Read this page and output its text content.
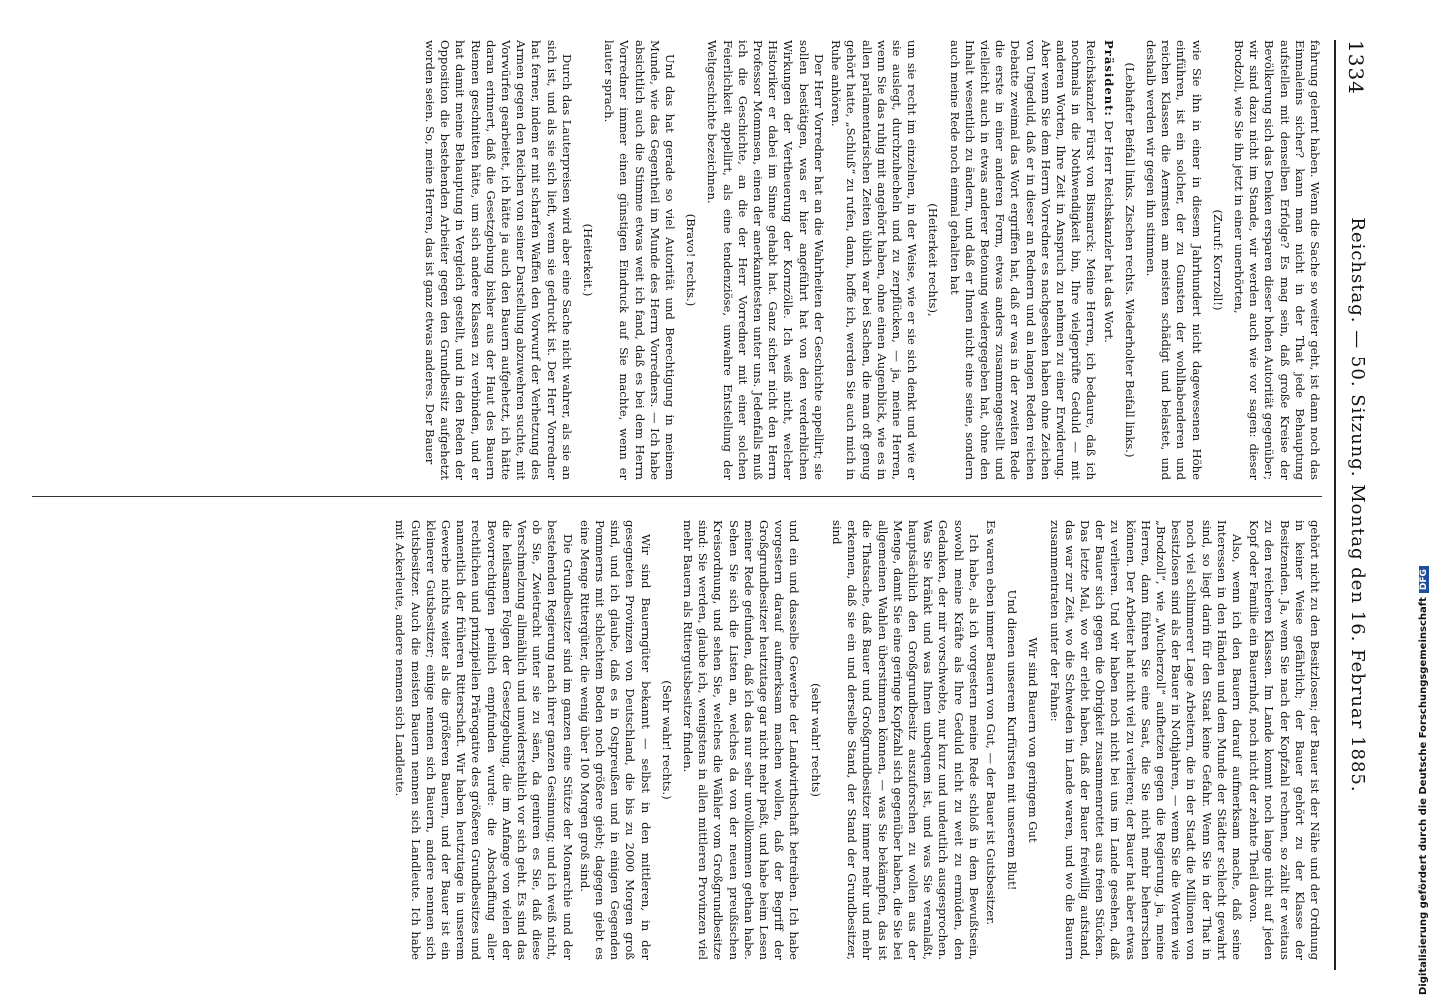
1334
Reichstag. — 50. Sitzung. Montag den 16. Februar 1885.

fahrung gelernt haben. Wenn die Sache so weiter geht, ist dann noch das Einmaleins sicher? kann man nicht in der That jede Behauptung aufstellen mit denselben Erfolge? Es mag sein, daß große Kreise der Bevölkerung sich das Denken ersparen dieser hohen Autorität gegenüber; wir sind dazu nicht im Stande, wir werden auch wie vor sagen: dieser Brodzoll, wie Sie ihn jetzt in einer unerhörten,

(Zuruf: Korrzoll!)

wie Sie ihn in einer in diesem Jahrhundert nicht dagewesenen Höhe einführen, ist ein solcher, der zu Gunsten der wohlhabenderen und reichen Klassen die Aermsten am meisten schädigt und belastet, und deshalb werden wir gegen ihn stimmen.

(Lebhafter Beifall links. Zischen rechts. Wiederholter Beifall links.)

Präsident: Der Herr Reichskanzler hat das Wort.

Reichskanzler Fürst von Bismarck: Meine Herren, ich bedaure, daß ich nochmals in die Nothwendigkeit bin, Ihre vielgeprüfte Geduld — mit anderen Worten, Ihre Zeit in Anspruch zu nehmen zu einer Erwiderung. Aber wenn Sie dem Herrn Vorredner es nachgesehen haben ohne Zeichen von Ungeduld, daß er in dieser an Rednern und an langen Reden reichen Debatte zweimal das Wort ergriffen hat, daß er was in der zweiten Rede die erste in einer anderen Form, etwas anders zusammengestellt und vielleicht auch in etwas anderer Betonung wiedergegeben hat, ohne den Inhalt wesentlich zu ändern, und daß er Ihnen nicht eine seine, sondern auch meine Rede noch einmal gehalten hat

(Heiterkeit rechts),

um sie recht im einzelnen, in der Weise, wie er sie sich denkt und wie er sie auslegt, durchzuhecheln und zu zerpflücken, — ja, meine Herren, wenn Sie das ruhig mit angehört haben, ohne einen Augenblick, wie es in allen parlamentarischen Zeiten üblich war bei Sachen, die man oft genug gehört hatte, „Schluß“ zu rufen, dann, hoffe ich, werden Sie auch mich in Ruhe anhören.

Der Herr Vorredner hat an die Wahrheiten der Geschichte appellirt; sie sollen bestätigen, was er hier angeführt hat von den verderblichen Wirkungen der Vertheuerung der Kornzölle. Ich weiß nicht, welcher Historiker er dabei im Sinne gehabt hat. Ganz sicher nicht den Herrn Professor Mommsen, einen der anerkanntesten unter uns. Jedenfalls muß ich die Geschichte, an die der Herr Vorredner mit einer solchen Feierlichkeit appellirt, als eine tendenziöse, unwahre Entstellung der Weltgeschichte bezeichnen.

(Bravo! rechts.)

Und das hat gerade so viel Autorität und Berechtigung in meinem Munde, wie das Gegentheil im Munde des Herrn Vorredners. — Ich habe absichtlich auch die Stimme etwas weit ich fand, daß es bei dem Herrn Vorredner immer einen günstigen Eindruck auf Sie machte, wenn er lauter sprach.

(Heiterkeit.)

Durch das Lauterpreisen wird aber eine Sache nicht wahrer, als sie an sich ist, und als sie sich lieft, wenn sie gedruckt ist. Der Herr Vorredner hat ferner, indem er mit scharfen Waffen den Vorwurf der Verhetzung des Armen gegen den Reichen von seiner Darstellung abzuwehren suchte, mit Vorwürfen gearbeitet, ich hätte ja auch den Bauern aufgehetzt, ich hätte daran erinnert, daß die Gesetzgebung bisher aus der Haut des Bauern Riemen geschnitten hätte, um sich andere Klassen zu verbinden, und er hat damit meine Behauptung in Vergleich gestellt, und in den Reden der Opposition die bestehenden Arbeiter gegen den Grundbesitz aufgehetzt worden seien. So, meine Herren, das ist ganz etwas anderes. Der Bauer

gehört nicht zu den Besitzlosen; der Bauer ist der Nähe und der Ordnung in keiner Weise gefährlich; der Bauer gehört zu der Klasse der Besitzenden. Ja, wenn Sie nach der Kopfzahl rechnen, so zählt er weitaus zu den reicheren Klassen. Im Lande kommt noch lange nicht auf jeden Kopf oder Familie ein Bauernhof, noch nicht der zehnte Theil davon.

Also, wenn ich den Bauern darauf aufmerksam mache, daß seine Interessen in den Händen und dem Munde der Städter schlecht gewahrt sind, so liegt darin für den Staat keine Gefahr. Wenn Sie in der That in noch viel schlimmerer Lage Arbeitern, die in der Stadt die Millionen von besitzlosen sind als der Bauer in Nothjahren, — wenn Sie die Worten wie „Brodzoll“, wie „Wucherzoll“ aufhetzen gegen die Regierung, ja, meine Herren, dann führen Sie eine Saat, die Sie nicht mehr beherrschen können. Der Arbeiter hat nicht viel zu verlieren; der Bauer hat aber etwas zu verlieren. Und wir haben noch nicht bei uns im Lande gesehen, daß der Bauer sich gegen die Obrigkeit zusammenrottet aus freien Stücken. Das letzte Mal, wo wir erlebt haben, daß der Bauer freiwillig aufstand, das war zur Zeit, wo die Schweden im Lande waren, und wo die Bauern zusammentraten unter der Fahne:

Wir sind Bauern von geringem Gut

Und dienen unserem Kurfürsten mit unserem Blut!

Es waren eben immer Bauern von Gut, — der Bauer ist Gutsbesitzer.

Ich habe, als ich vorgestern meine Rede schloß in dem Bewußtsein, sowohl meine Kräfte als Ihre Geduld nicht zu weit zu ermüden, den Gedanken, der mir vorschwebte, nur kurz und undeutlich ausgesprochen. Was Sie kränkt und was Ihnen unbequem ist, und was Sie veranlaßt, hauptsächlich den Großgrundbesitz auszuforschen zu wollen aus der Menge, damit Sie eine geringe Kopfzahl sich gegenüber haben, die Sie bei allgemeinen Wahlen überstimmen können, — was Sie bekämpfen, das ist die Thatsache, daß Bauer und Großgrundbesitzer immer mehr und mehr erkennen, daß sie ein und derselbe Stand, der Stand der Grundbesitzer, sind

(sehr wahr! rechts)

und ein und dasselbe Gewerbe der Landwirthschaft betreiben. Ich habe vorgestern darauf aufmerksam machen wollen, daß der Begriff der Großgrundbesitzer heutzutage gar nicht mehr paßt, und habe beim Lesen meiner Rede gefunden, daß ich das nur sehr unvollkommen gethan habe. Sehen Sie sich die Listen an, welches da von der neuen preußischen Kreisordnung, und sehen Sie, welches die Wähler vom Großgrundbesitze sind: Sie werden, glaube ich, wenigstens in allen mittleren Provinzen viel mehr Bauern als Rittergutsbesitzer finden.

(Sehr wahr! rechts.)

Wir sind Bauerngüter bekannt — selbst in den mittleren, in der gesegneten Provinzen von Deutschland, die bis zu 2000 Morgen groß sind, und ich glaube, daß es in Ostpreußen und in einigen Gegenden Pommerns mit schlechtem Boden noch größere giebt; dagegen giebt es eine Menge Rittergüter, die wenig über 100 Morgen groß sind.

Die Grundbesitzer sind im ganzen eine Stütze der Monarchie und der bestehenden Regierung nach ihrer ganzen Gesinnung; und ich weiß nicht, ob Sie, Zwietracht unter sie zu säen, da geniren es Sie, daß diese Verschmelzung allmählich und unwiderstehlich vor sich geht. Es sind das die heilsamen Folgen der Gesetzgebung, die im Anfange von vielen der Bevorrechtigten peinlich empfunden wurde: die Abschaffung aller rechtlichen und prinzipiellen Prärogative des größeren Grundbesitzes und namentlich der früheren Ritterschaft. Wir haben heutzutage in unserem Gewerbe nichts weiter als die größeren Bauern, und der Bauer ist ein kleinerer Gutsbesitzer; einige nennen sich Bauern, andere nennen sich Gutsbesitzer. Auch die meisten Bauern nennen sich Landleute. Ich habe mit Ackerleute, andere nennen sich Landleute.	Digitalisierung gefördert durch die Deutsche ForschungsgemeinschaftDFG
